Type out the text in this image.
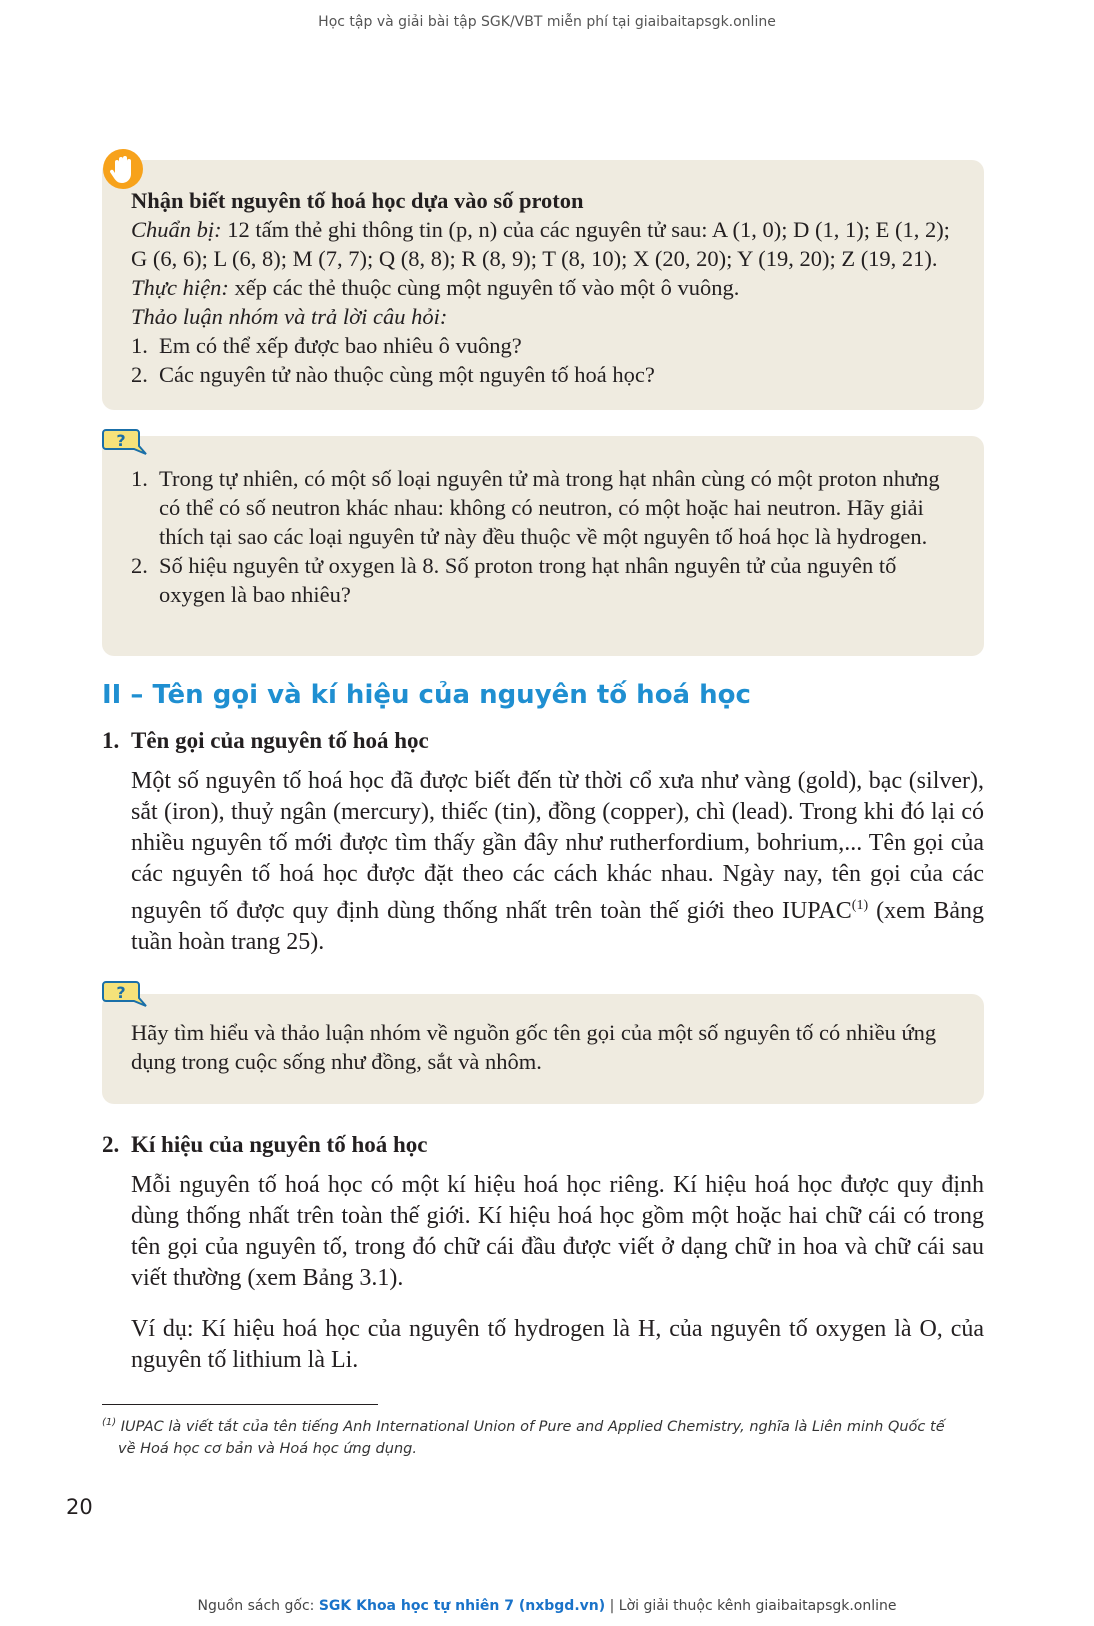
Học tập và giải bài tập SGK/VBT miễn phí tại giaibaitapsgk.online

Nhận biết nguyên tố hoá học dựa vào số proton

Chuẩn bị: 12 tấm thẻ ghi thông tin (p, n) của các nguyên tử sau: A (1, 0); D (1, 1); E (1, 2); G (6, 6); L (6, 8); M (7, 7); Q (8, 8); R (8, 9); T (8, 10); X (20, 20); Y (19, 20); Z (19, 21).

Thực hiện: xếp các thẻ thuộc cùng một nguyên tố vào một ô vuông.

Thảo luận nhóm và trả lời câu hỏi:

1. Em có thể xếp được bao nhiêu ô vuông?
2. Các nguyên tử nào thuộc cùng một nguyên tố hoá học?
1. Trong tự nhiên, có một số loại nguyên tử mà trong hạt nhân cùng có một proton nhưng có thể có số neutron khác nhau: không có neutron, có một hoặc hai neutron. Hãy giải thích tại sao các loại nguyên tử này đều thuộc về một nguyên tố hoá học là hydrogen.
2. Số hiệu nguyên tử oxygen là 8. Số proton trong hạt nhân nguyên tử của nguyên tố oxygen là bao nhiêu?
?
II – Tên gọi và kí hiệu của nguyên tố hoá học
1. Tên gọi của nguyên tố hoá học

Một số nguyên tố hoá học đã được biết đến từ thời cổ xưa như vàng (gold), bạc (silver), sắt (iron), thuỷ ngân (mercury), thiếc (tin), đồng (copper), chì (lead). Trong khi đó lại có nhiều nguyên tố mới được tìm thấy gần đây như rutherfordium, bohrium,... Tên gọi của các nguyên tố hoá học được đặt theo các cách khác nhau. Ngày nay, tên gọi của các nguyên tố được quy định dùng thống nhất trên toàn thế giới theo IUPAC$^{(1)}$ (xem Bảng tuần hoàn trang 25).

Hãy tìm hiểu và thảo luận nhóm về nguồn gốc tên gọi của một số nguyên tố có nhiều ứng dụng trong cuộc sống như đồng, sắt và nhôm.

?
2. Kí hiệu của nguyên tố hoá học

Mỗi nguyên tố hoá học có một kí hiệu hoá học riêng. Kí hiệu hoá học được quy định dùng thống nhất trên toàn thế giới. Kí hiệu hoá học gồm một hoặc hai chữ cái có trong tên gọi của nguyên tố, trong đó chữ cái đầu được viết ở dạng chữ in hoa và chữ cái sau viết thường (xem Bảng 3.1).

Ví dụ: Kí hiệu hoá học của nguyên tố hydrogen là H, của nguyên tố oxygen là O, của nguyên tố lithium là Li.

$^{(1)}$ IUPAC là viết tắt của tên tiếng Anh International Union of Pure and Applied Chemistry, nghĩa là Liên minh Quốc tế
về Hoá học cơ bản và Hoá học ứng dụng.
20
Nguồn sách gốc: SGK Khoa học tự nhiên 7 (nxbgd.vn) | Lời giải thuộc kênh giaibaitapsgk.online
